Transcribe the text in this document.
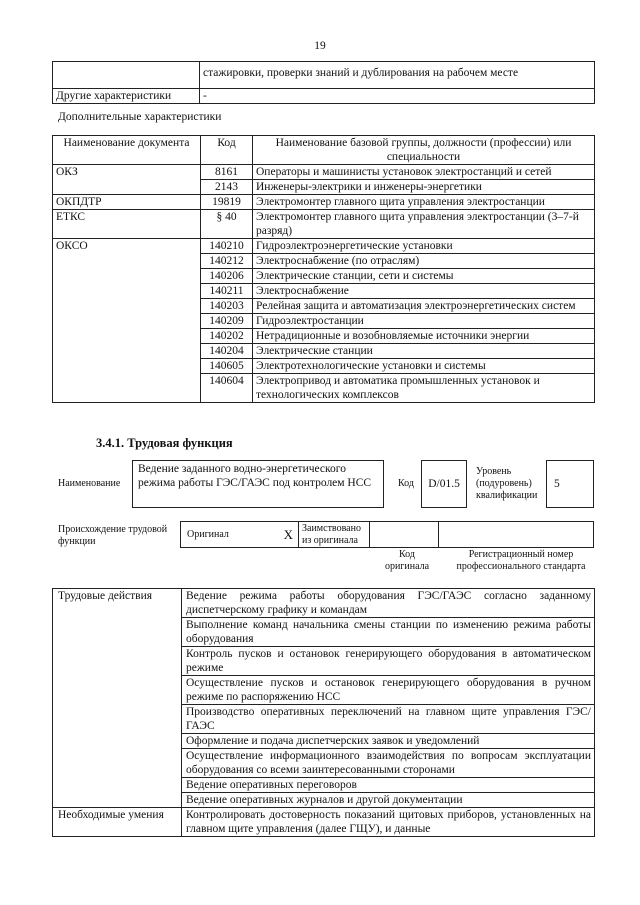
19
	стажировки, проверки знаний и дублирования на рабочем месте
Другие характеристики	-
Дополнительные характеристики
Наименование документа	Код	Наименование базовой группы, должности (профессии) или специальности
ОКЗ	8161	Операторы и машинисты установок электростанций и сетей
	2143	Инженеры-электрики и инженеры-энергетики
ОКПДТР	19819	Электромонтер главного щита управления электростанции
ЕТКС	§ 40	Электромонтер главного щита управления электростанции (3–7-й разряд)
ОКСО	140210	Гидроэлектроэнергетические установки
	140212	Электроснабжение (по отраслям)
	140206	Электрические станции, сети и системы
	140211	Электроснабжение
	140203	Релейная защита и автоматизация электроэнергетических систем
	140209	Гидроэлектростанции
	140202	Нетрадиционные и возобновляемые источники энергии
	140204	Электрические станции
	140605	Электротехнологические установки и системы
	140604	Электропривод и автоматика промышленных установок и технологических комплексов
3.4.1. Трудовая функция
Наименование
Ведение заданного водно-энергетического режима работы ГЭС/ГАЭС под контролем НСС	Код	D/01.5
Уровень (подуровень) квалификации
5
Происхождение трудовой функции
Оригинал	X	Заимствовано из оригинала		
Код оригинала
Регистрационный номер профессионального стандарта
Трудовые действия	Ведение режима работы оборудования ГЭС/ГАЭС согласно заданному диспетчерскому графику и командам
	Выполнение команд начальника смены станции по изменению режима работы оборудования
	Контроль пусков и остановок генерирующего оборудования в автоматическом режиме
	Осуществление пусков и остановок генерирующего оборудования в ручном режиме по распоряжению НСС
	Производство оперативных переключений на главном щите управления ГЭС/ГАЭС
	Оформление и подача диспетчерских заявок и уведомлений
	Осуществление информационного взаимодействия по вопросам эксплуатации оборудования со всеми заинтересованными сторонами
	Ведение оперативных переговоров
	Ведение оперативных журналов и другой документации
Необходимые умения	Контролировать достоверность показаний щитовых приборов, установленных на главном щите управления (далее ГЩУ), и данные
